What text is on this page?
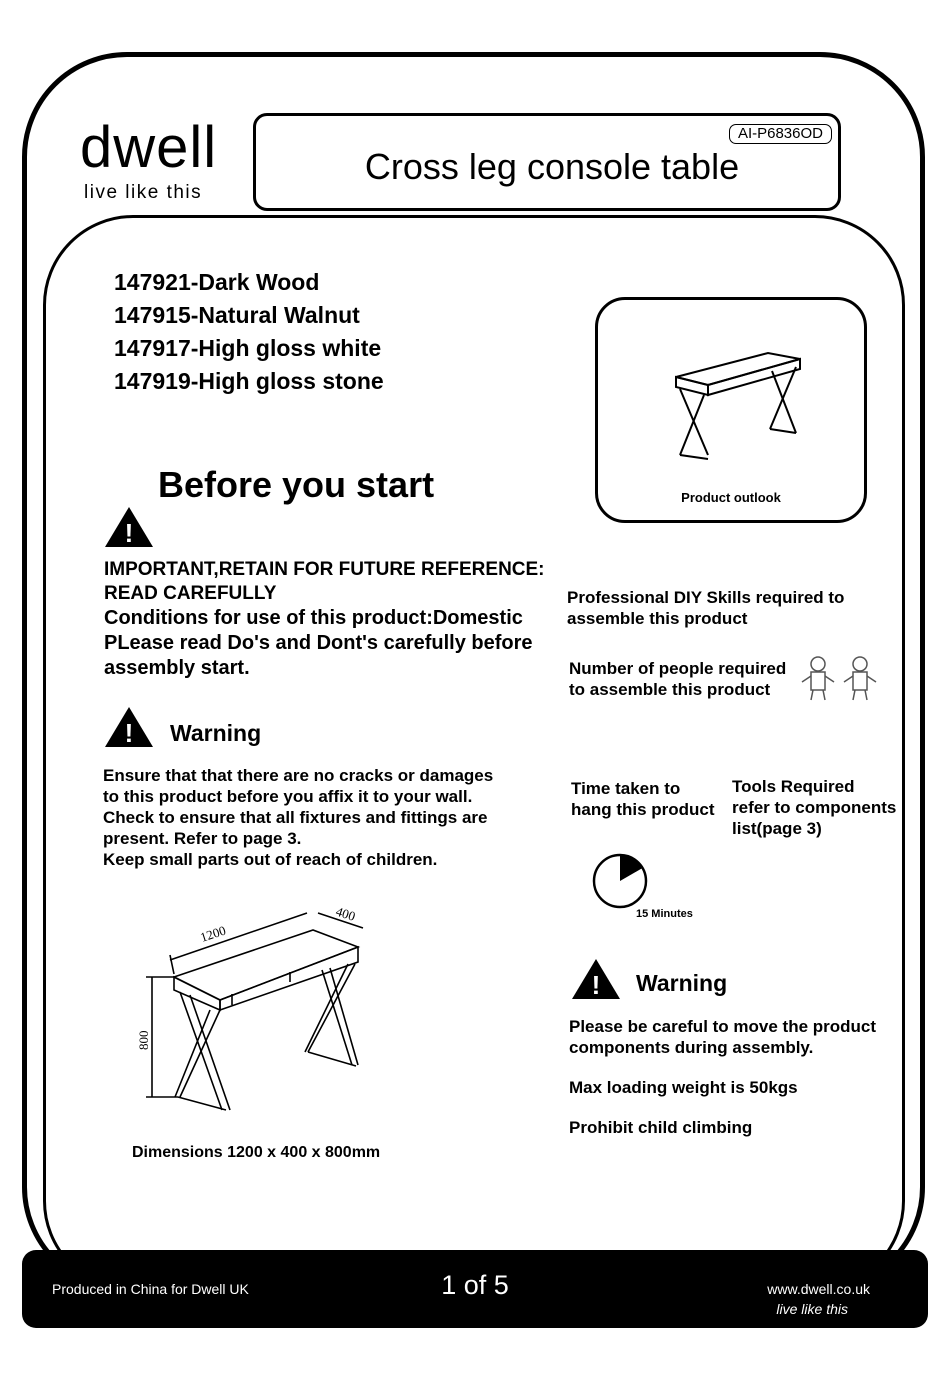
dwell
live like this
AI-P6836OD
Cross leg console table
147921-Dark Wood
147915-Natural Walnut
147917-High gloss white
147919-High gloss stone
Product outlook
Before you start
!
IMPORTANT,RETAIN FOR FUTURE REFERENCE:
READ CAREFULLY
Conditions for use of this product:Domestic
PLease read Do's and Dont's carefully before
assembly start.
! Warning
Ensure that that there are no cracks or damages
to this product before you affix it to your wall.
Check to ensure that all fixtures and fittings are
present. Refer to page 3.
Keep small parts out of reach of children.
Professional DIY Skills required to
assemble this product
Number of people required
to assemble this product
Time taken to
hang this product
Tools Required
refer to components
list(page 3)
15 Minutes
! Warning
Please be careful to move the product
components during assembly.
Max loading weight is 50kgs
Prohibit child climbing
1200
400
800
Dimensions 1200 x 400 x 800mm
Produced in China for Dwell UK	1 of 5	www.dwell.co.uk
live like this
